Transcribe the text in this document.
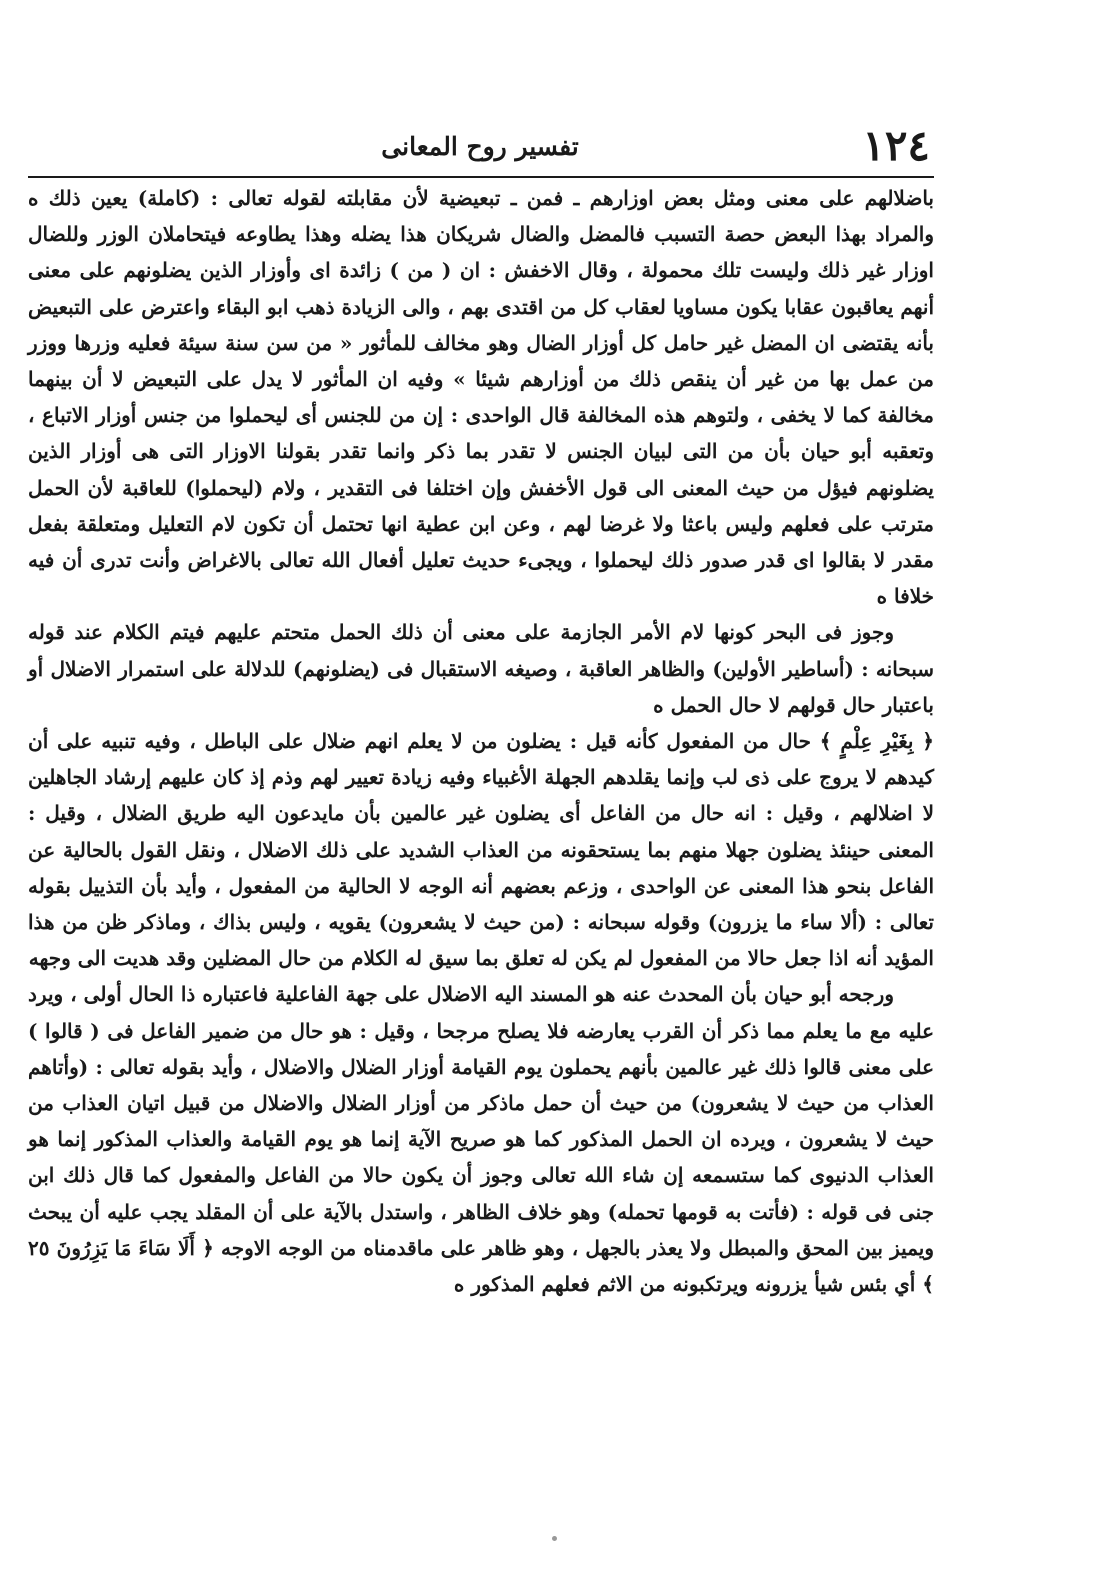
١٢٤
تفسير روح المعانى

باضلالهم على معنى ومثل بعض اوزارهم ـ فمن ـ تبعيضية لأن مقابلته لقوله تعالى : (كاملة) يعين ذلك ه والمراد بهذا البعض حصة التسبب فالمضل والضال شريكان هذا يضله وهذا يطاوعه فيتحاملان الوزر وللضال اوزار غير ذلك وليست تلك محمولة ، وقال الاخفش : ان ( من ) زائدة اى وأوزار الذين يضلونهم على معنى أنهم يعاقبون عقابا يكون مساويا لعقاب كل من اقتدى بهم ، والى الزيادة ذهب ابو البقاء واعترض على التبعيض بأنه يقتضى ان المضل غير حامل كل أوزار الضال وهو مخالف للمأثور « من سن سنة سيئة فعليه وزرها ووزر من عمل بها من غير أن ينقص ذلك من أوزارهم شيئا » وفيه ان المأثور لا يدل على التبعيض لا أن بينهما مخالفة كما لا يخفى ، ولتوهم هذه المخالفة قال الواحدى : إن من للجنس أى ليحملوا من جنس أوزار الاتباع ، وتعقبه أبو حيان بأن من التى لبيان الجنس لا تقدر بما ذكر وانما تقدر بقولنا الاوزار التى هى أوزار الذين يضلونهم فيؤل من حيث المعنى الى قول الأخفش وإن اختلفا فى التقدير ، ولام (ليحملوا) للعاقبة لأن الحمل مترتب على فعلهم وليس باعثا ولا غرضا لهم ، وعن ابن عطية انها تحتمل أن تكون لام التعليل ومتعلقة بفعل مقدر لا بقالوا اى قدر صدور ذلك ليحملوا ، ويجىء حديث تعليل أفعال الله تعالى بالاغراض وأنت تدرى أن فيه خلافا ه

وجوز فى البحر كونها لام الأمر الجازمة على معنى أن ذلك الحمل متحتم عليهم فيتم الكلام عند قوله سبحانه : (أساطير الأولين) والظاهر العاقبة ، وصيغه الاستقبال فى (يضلونهم) للدلالة على استمرار الاضلال أو باعتبار حال قولهم لا حال الحمل ه

﴿ بِغَيْرِ عِلْمٍ ﴾ حال من المفعول كأنه قيل : يضلون من لا يعلم انهم ضلال على الباطل ، وفيه تنبيه على أن كيدهم لا يروج على ذى لب وإنما يقلدهم الجهلة الأغبياء وفيه زيادة تعيير لهم وذم إذ كان عليهم إرشاد الجاهلين لا اضلالهم ، وقيل : انه حال من الفاعل أى يضلون غير عالمين بأن مايدعون اليه طريق الضلال ، وقيل : المعنى حينئذ يضلون جهلا منهم بما يستحقونه من العذاب الشديد على ذلك الاضلال ، ونقل القول بالحالية عن الفاعل بنحو هذا المعنى عن الواحدى ، وزعم بعضهم أنه الوجه لا الحالية من المفعول ، وأيد بأن التذييل بقوله تعالى : (ألا ساء ما يزرون) وقوله سبحانه : (من حيث لا يشعرون) يقويه ، وليس بذاك ، وماذكر ظن من هذا المؤيد أنه اذا جعل حالا من المفعول لم يكن له تعلق بما سيق له الكلام من حال المضلين وقد هديت الى وجهه

ورجحه أبو حيان بأن المحدث عنه هو المسند اليه الاضلال على جهة الفاعلية فاعتباره ذا الحال أولى ، ويرد عليه مع ما يعلم مما ذكر أن القرب يعارضه فلا يصلح مرجحا ، وقيل : هو حال من ضمير الفاعل فى ( قالوا ) على معنى قالوا ذلك غير عالمين بأنهم يحملون يوم القيامة أوزار الضلال والاضلال ، وأيد بقوله تعالى : (وأتاهم العذاب من حيث لا يشعرون) من حيث أن حمل ماذكر من أوزار الضلال والاضلال من قبيل اتيان العذاب من حيث لا يشعرون ، ويرده ان الحمل المذكور كما هو صريح الآية إنما هو يوم القيامة والعذاب المذكور إنما هو العذاب الدنيوى كما ستسمعه إن شاء الله تعالى وجوز أن يكون حالا من الفاعل والمفعول كما قال ذلك ابن جنى فى قوله : (فأتت به قومها تحمله) وهو خلاف الظاهر ، واستدل بالآية على أن المقلد يجب عليه أن يبحث ويميز بين المحق والمبطل ولا يعذر بالجهل ، وهو ظاهر على ماقدمناه من الوجه الاوجه ﴿ أَلَا سَاءَ مَا يَزِرُونَ ٢٥ ﴾ أي بئس شيأ يزرونه ويرتكبونه من الاثم فعلهم المذكور ه
